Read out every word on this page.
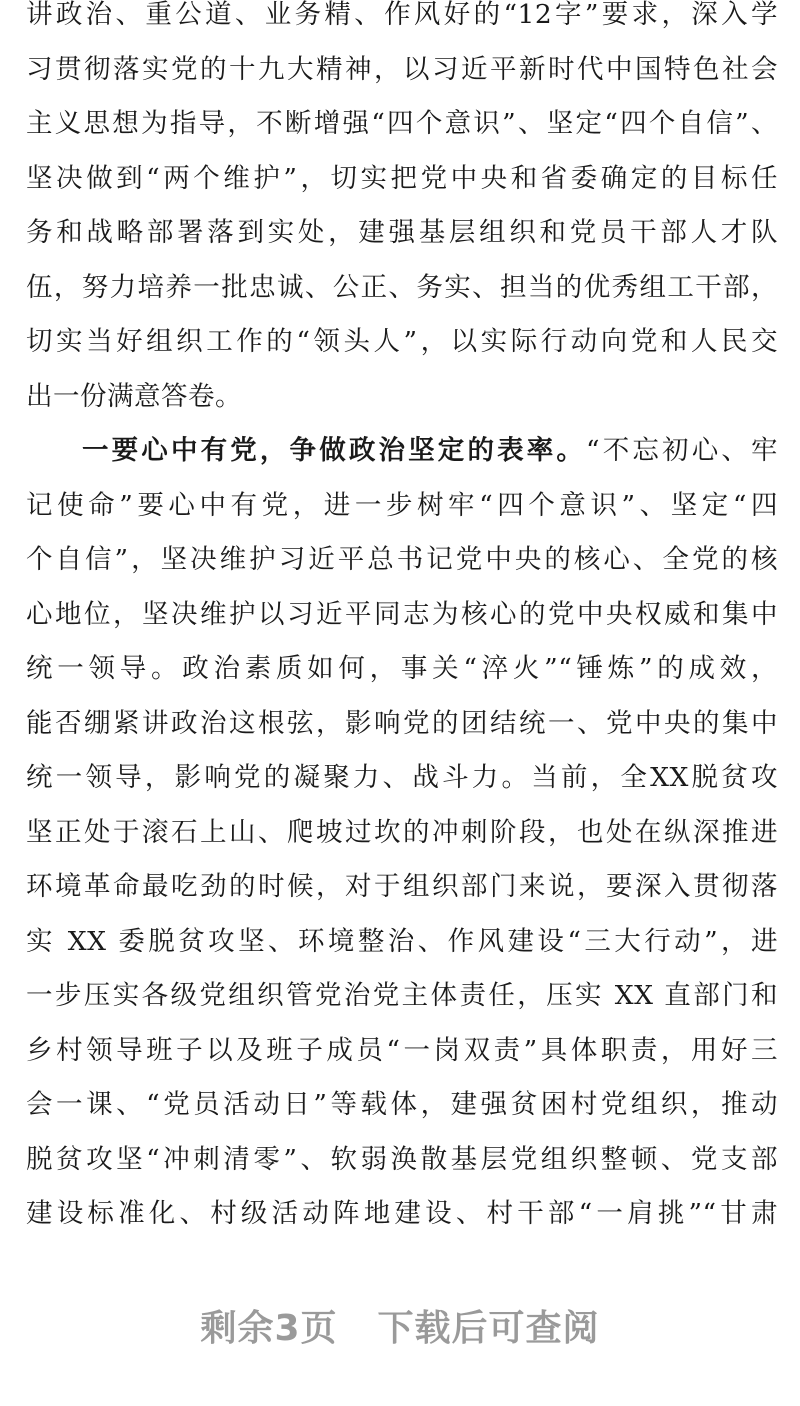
讲政治、重公道、业务精、作风好的“12字”要求，深入学
习贯彻落实党的十九大精神，以习近平新时代中国特色社会
主义思想为指导，不断增强“四个意识”、坚定“四个自信”、
坚决做到“两个维护”，切实把党中央和省委确定的目标任
务和战略部署落到实处，建强基层组织和党员干部人才队
伍，努力培养一批忠诚、公正、务实、担当的优秀组工干部，
切实当好组织工作的“领头人”，以实际行动向党和人民交
出一份满意答卷。
一要心中有党，争做政治坚定的表率。“不忘初心、牢
记使命”要心中有党，进一步树牢“四个意识”、坚定“四
个自信”，坚决维护习近平总书记党中央的核心、全党的核
心地位，坚决维护以习近平同志为核心的党中央权威和集中
统一领导。政治素质如何，事关“淬火”“锤炼”的成效，
能否绷紧讲政治这根弦，影响党的团结统一、党中央的集中
统一领导，影响党的凝聚力、战斗力。当前，全XX脱贫攻
坚正处于滚石上山、爬坡过坎的冲刺阶段，也处在纵深推进
环境革命最吃劲的时候，对于组织部门来说，要深入贯彻落
实 XX 委脱贫攻坚、环境整治、作风建设“三大行动”，进
一步压实各级党组织管党治党主体责任，压实 XX 直部门和
乡村领导班子以及班子成员“一岗双责”具体职责，用好三
会一课、“党员活动日”等载体，建强贫困村党组织，推动
脱贫攻坚“冲刺清零”、软弱涣散基层党组织整顿、党支部
建设标准化、村级活动阵地建设、村干部“一肩挑”“甘肃
剩余3页 下载后可查阅
